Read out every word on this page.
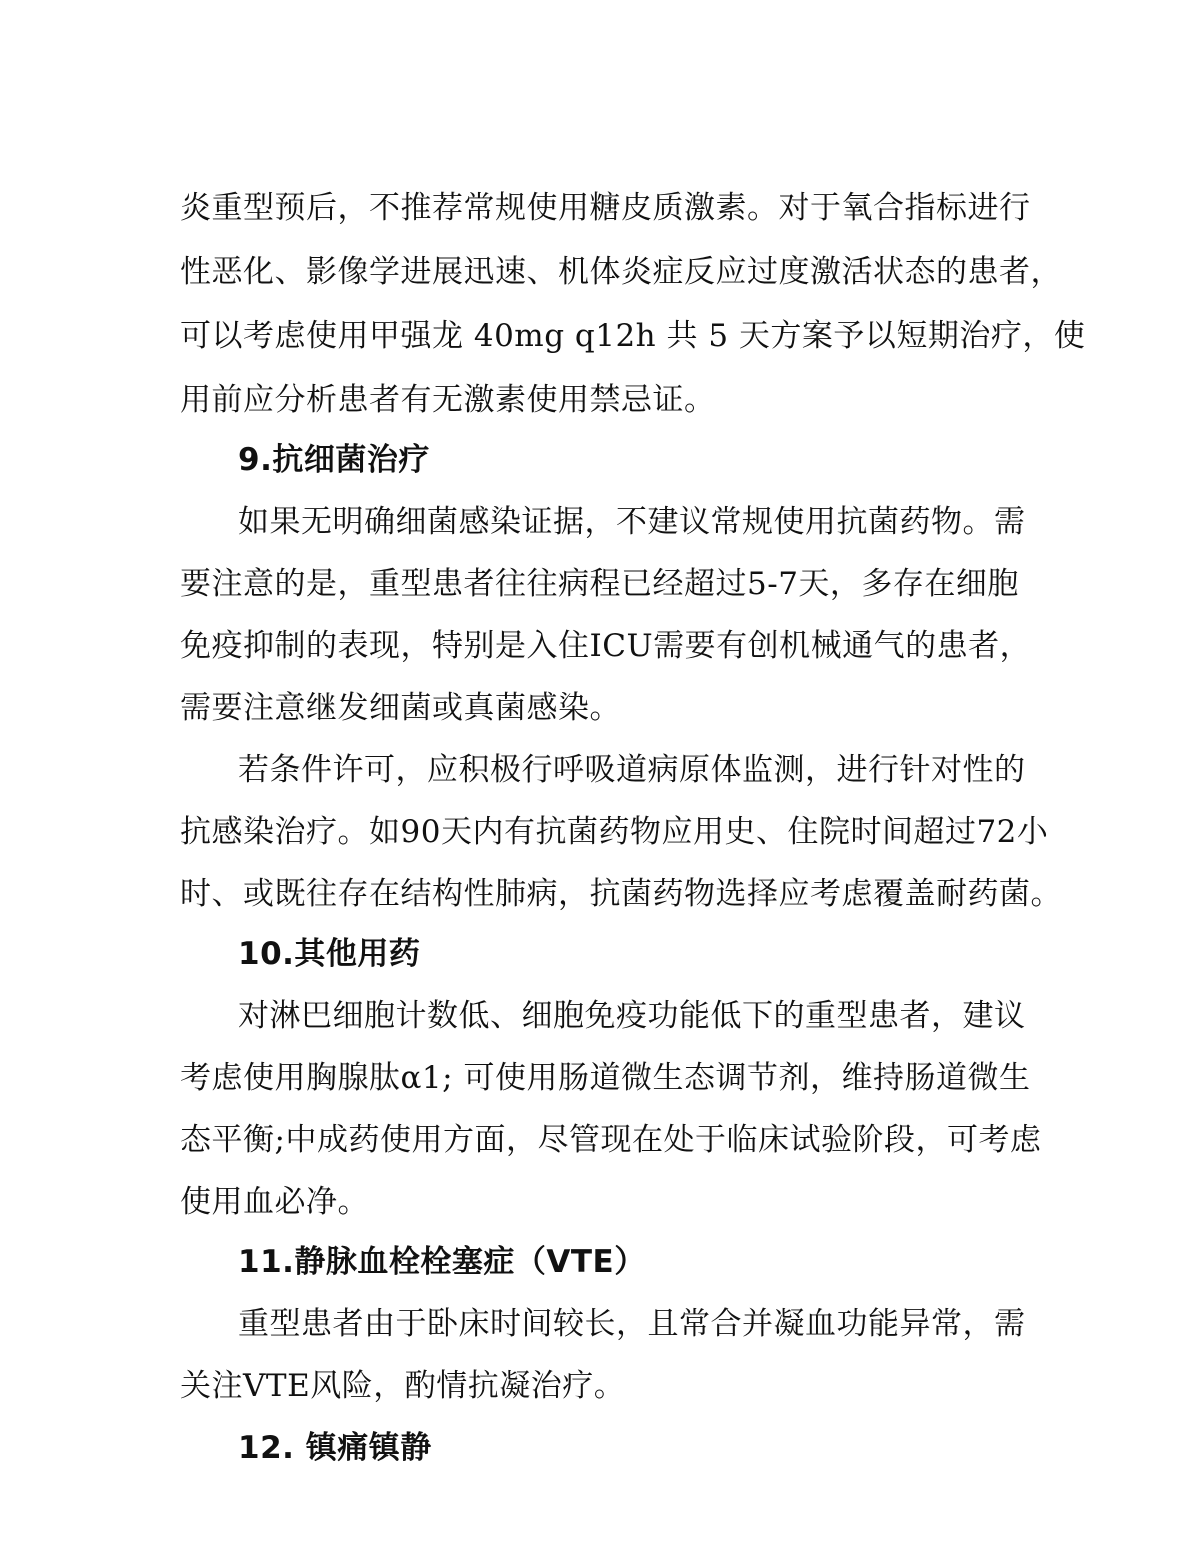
炎重型预后，不推荐常规使用糖皮质激素。对于氧合指标进行
性恶化、影像学进展迅速、机体炎症反应过度激活状态的患者，
可以考虑使用甲强龙 40mg q12h 共 5 天方案予以短期治疗，使
用前应分析患者有无激素使用禁忌证。
9.抗细菌治疗
如果无明确细菌感染证据，不建议常规使用抗菌药物。需
要注意的是，重型患者往往病程已经超过5-7天，多存在细胞
免疫抑制的表现，特别是入住ICU需要有创机械通气的患者，
需要注意继发细菌或真菌感染。
若条件许可，应积极行呼吸道病原体监测，进行针对性的
抗感染治疗。如90天内有抗菌药物应用史、住院时间超过72小
时、或既往存在结构性肺病，抗菌药物选择应考虑覆盖耐药菌。
10.其他用药
对淋巴细胞计数低、细胞免疫功能低下的重型患者，建议
考虑使用胸腺肽α1; 可使用肠道微生态调节剂，维持肠道微生
态平衡;中成药使用方面，尽管现在处于临床试验阶段，可考虑
使用血必净。
11.静脉血栓栓塞症（VTE）
重型患者由于卧床时间较长，且常合并凝血功能异常，需
关注VTE风险，酌情抗凝治疗。
12. 镇痛镇静
